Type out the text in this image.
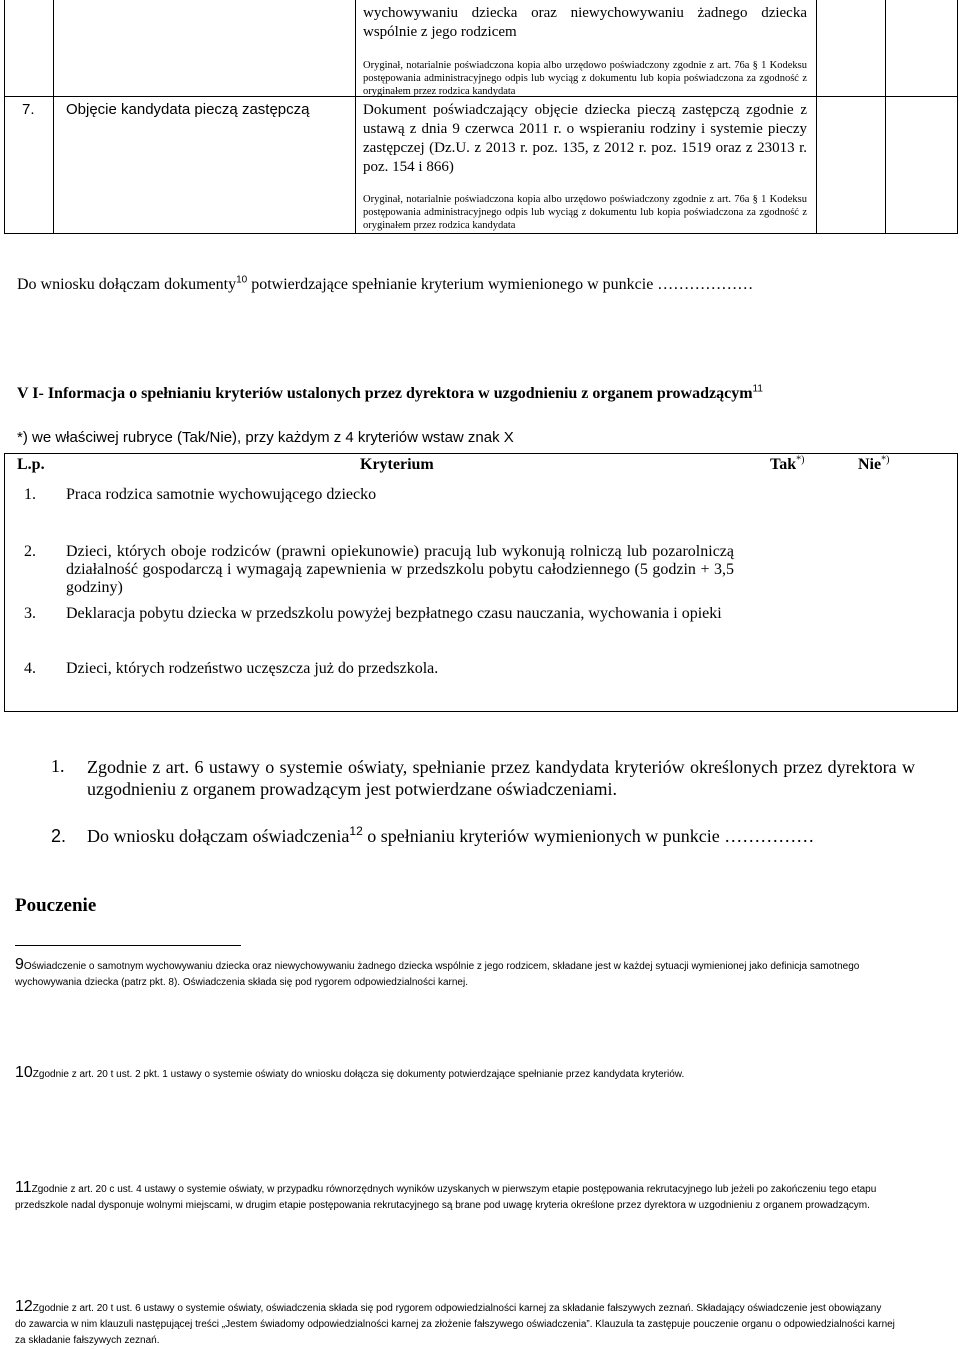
wychowywaniu dziecka oraz niewychowywaniu żadnego dziecka wspólnie z jego rodzicem
Oryginał, notarialnie poświadczona kopia albo urzędowo poświadczony zgodnie z art. 76a § 1 Kodeksu postępowania administracyjnego odpis lub wyciąg z dokumentu lub kopia poświadczona za zgodność z oryginałem przez rodzica kandydata
7. Objęcie kandydata pieczą zastępczą	Dokument poświadczający objęcie dziecka pieczą zastępczą zgodnie z ustawą z dnia 9 czerwca 2011 r. o wspieraniu rodziny i systemie pieczy zastępczej (Dz.U. z 2013 r. poz. 135, z 2012 r. poz. 1519 oraz z 23013 r. poz. 154 i 866)
Oryginał, notarialnie poświadczona kopia albo urzędowo poświadczony zgodnie z art. 76a § 1 Kodeksu postępowania administracyjnego odpis lub wyciąg z dokumentu lub kopia poświadczona za zgodność z oryginałem przez rodzica kandydata
Do wniosku dołączam dokumenty$^{10}$ potwierdzające spełnianie kryterium wymienionego w punkcie ………………
V I- Informacja o spełnianiu kryteriów ustalonych przez dyrektora w uzgodnieniu z organem prowadzącym$^{11}$
*) we właściwej rubryce (Tak/Nie), przy każdym z 4 kryteriów wstaw znak X
L.p.	Kryterium	Tak*)	Nie*)
1. Praca rodzica samotnie wychowującego dziecko
2. Dzieci, których oboje rodziców (prawni opiekunowie) pracują lub wykonują rolniczą lub pozarolniczą działalność gospodarczą i wymagają zapewnienia w przedszkolu pobytu całodziennego (5 godzin + 3,5 godziny)
3. Deklaracja pobytu dziecka w przedszkolu powyżej bezpłatnego czasu nauczania, wychowania i opieki
4. Dzieci, których rodzeństwo uczęszcza już do przedszkola.
1. Zgodnie z art. 6 ustawy o systemie oświaty, spełnianie przez kandydata kryteriów określonych przez dyrektora w uzgodnieniu z organem prowadzącym jest potwierdzane oświadczeniami.
2. Do wniosku dołączam oświadczenia$^{12}$ o spełnianiu kryteriów wymienionych w punkcie ……………
Pouczenie
9Oświadczenie o samotnym wychowywaniu dziecka oraz niewychowywaniu żadnego dziecka wspólnie z jego rodzicem, składane jest w każdej sytuacji wymienionej jako definicja samotnego wychowywania dziecka (patrz pkt. 8). Oświadczenia składa się pod rygorem odpowiedzialności karnej.
10Zgodnie z art. 20 t ust. 2 pkt. 1 ustawy o systemie oświaty do wniosku dołącza się dokumenty potwierdzające spełnianie przez kandydata kryteriów.
11Zgodnie z art. 20 c ust. 4 ustawy o systemie oświaty, w przypadku równorzędnych wyników uzyskanych w pierwszym etapie postępowania rekrutacyjnego lub jeżeli po zakończeniu tego etapu przedszkole nadal dysponuje wolnymi miejscami, w drugim etapie postępowania rekrutacyjnego są brane pod uwagę kryteria określone przez dyrektora w uzgodnieniu z organem prowadzącym.
12Zgodnie z art. 20 t ust. 6 ustawy o systemie oświaty, oświadczenia składa się pod rygorem odpowiedzialności karnej za składanie fałszywych zeznań. Składający oświadczenie jest obowiązany do zawarcia w nim klauzuli następującej treści „Jestem świadomy odpowiedzialności karnej za złożenie fałszywego oświadczenia”. Klauzula ta zastępuje pouczenie organu o odpowiedzialności karnej za składanie fałszywych zeznań.
